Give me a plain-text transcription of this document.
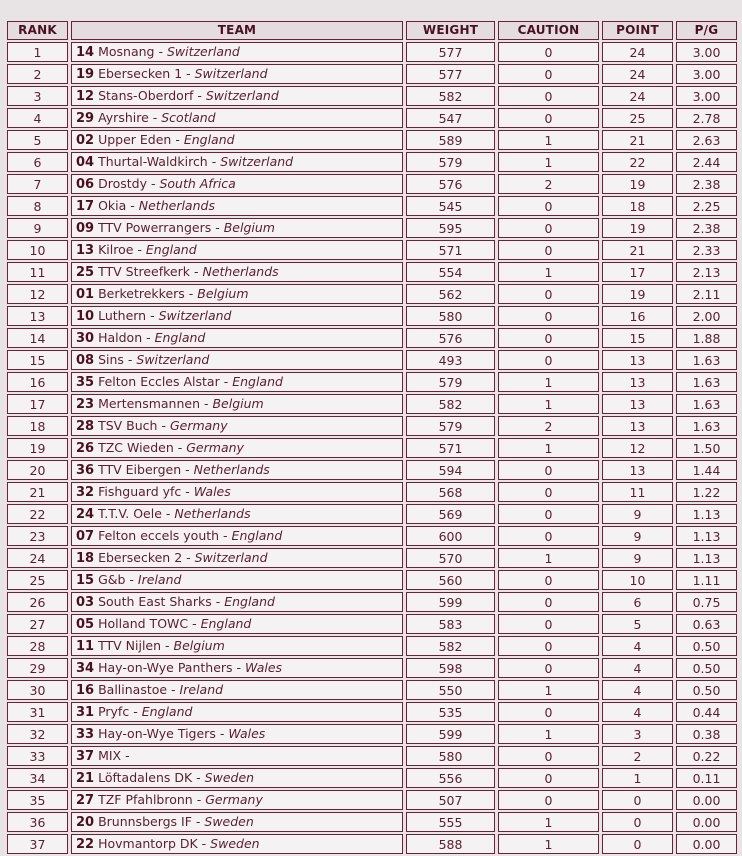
RANK	TEAM	WEIGHT	CAUTION	POINT	P/G
1	14 Mosnang - Switzerland	577	0	24	3.00
2	19 Ebersecken 1 - Switzerland	577	0	24	3.00
3	12 Stans-Oberdorf - Switzerland	582	0	24	3.00
4	29 Ayrshire - Scotland	547	0	25	2.78
5	02 Upper Eden - England	589	1	21	2.63
6	04 Thurtal-Waldkirch - Switzerland	579	1	22	2.44
7	06 Drostdy - South Africa	576	2	19	2.38
8	17 Okia - Netherlands	545	0	18	2.25
9	09 TTV Powerrangers - Belgium	595	0	19	2.38
10	13 Kilroe - England	571	0	21	2.33
11	25 TTV Streefkerk - Netherlands	554	1	17	2.13
12	01 Berketrekkers - Belgium	562	0	19	2.11
13	10 Luthern - Switzerland	580	0	16	2.00
14	30 Haldon - England	576	0	15	1.88
15	08 Sins - Switzerland	493	0	13	1.63
16	35 Felton Eccles Alstar - England	579	1	13	1.63
17	23 Mertensmannen - Belgium	582	1	13	1.63
18	28 TSV Buch - Germany	579	2	13	1.63
19	26 TZC Wieden - Germany	571	1	12	1.50
20	36 TTV Eibergen - Netherlands	594	0	13	1.44
21	32 Fishguard yfc - Wales	568	0	11	1.22
22	24 T.T.V. Oele - Netherlands	569	0	9	1.13
23	07 Felton eccels youth - England	600	0	9	1.13
24	18 Ebersecken 2 - Switzerland	570	1	9	1.13
25	15 G&b - Ireland	560	0	10	1.11
26	03 South East Sharks - England	599	0	6	0.75
27	05 Holland TOWC - England	583	0	5	0.63
28	11 TTV Nijlen - Belgium	582	0	4	0.50
29	34 Hay-on-Wye Panthers - Wales	598	0	4	0.50
30	16 Ballinastoe - Ireland	550	1	4	0.50
31	31 Pryfc - England	535	0	4	0.44
32	33 Hay-on-Wye Tigers - Wales	599	1	3	0.38
33	37 MIX -	580	0	2	0.22
34	21 Löftadalens DK - Sweden	556	0	1	0.11
35	27 TZF Pfahlbronn - Germany	507	0	0	0.00
36	20 Brunnsbergs IF - Sweden	555	1	0	0.00
37	22 Hovmantorp DK - Sweden	588	1	0	0.00
